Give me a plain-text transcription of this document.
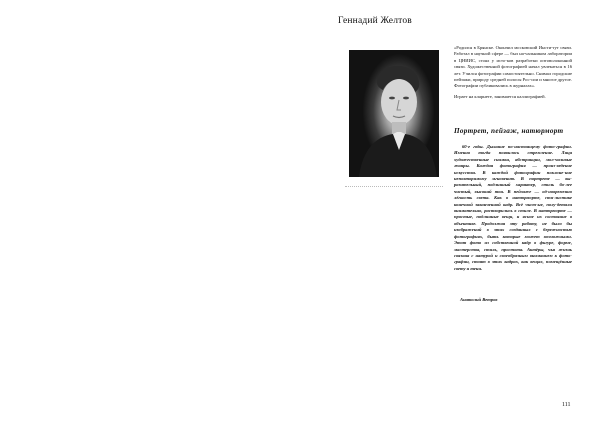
Геннадий Желтов

«Родился в Брянске. Окончил московский Инсти-тут связи. Работал в научной сфере — был на-чальником лаборатории в ЦНИИС, стоял у исто-ков разработки оптоволоконной связи. Художественной фотографией начал увлекаться в 16 лет. Учился фотографии самостоятельно. Снимал городские пейзажи, природу средней полосы Рос-сии и многое другое. Фотографии публиковались в журналах».

Играет на кларнете, занимается каллиграфией.

Портрет, пейзаж, натюрморт

60-е годы. Дыхание по-настоящему фото-графии. Именно тогда появилось стремление. Лица художественные снимки, абстракции, мол-чаливые жанры. Каждая фотография — произ-ведение искусства. В каждой фотографии поклоне-ние неповторимому мгновению. В портрете — вы-разительный, подлинный характер, стиль бо-лее чистый, высокий тон. В пейзаже — од-новременно лёгкость света. Как в натюрморте, сти-листике конечной законченной кадр. Всё чист-ые, полу-детали внимательно, растворились в стиле. В натюрморте — простые, подлинные вещи, и ясное их состояние в объективе. Продолжая эту работу, не было бы изображений в этих созданных с бережностью фотографиях, быть которые может возможными. Этот фото из собственной кадр в фигуре, форме, мастерства, стиль, простота. Актёры, чья жизнь связана с натурой и своеобразным вниманием к фото-графии, стоят в этих кадрах, как вещах, помещённые свету и тени.

Анатолий Ветров
111
